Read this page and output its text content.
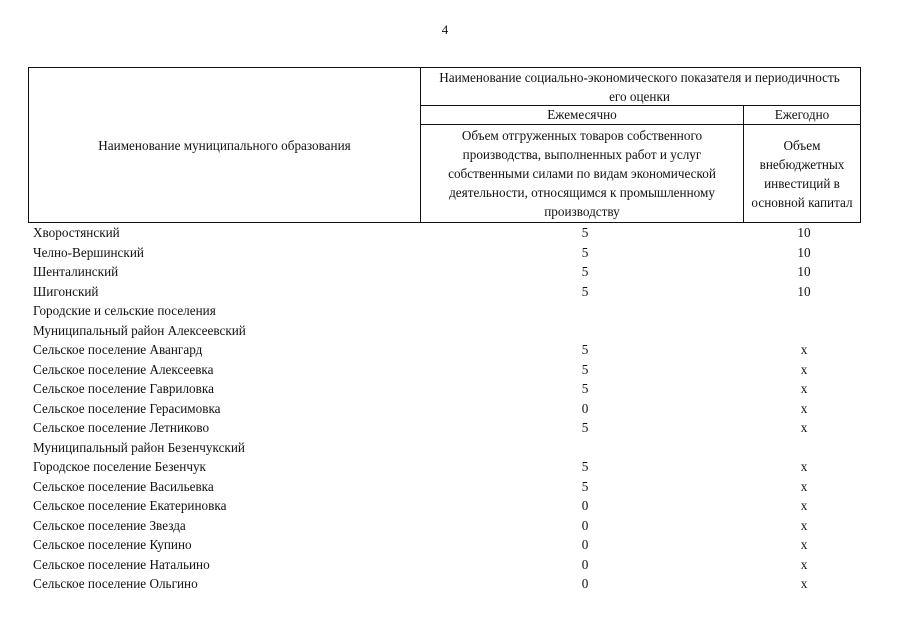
4
Наименование муниципального образования
Наименование социально-экономического показателя и периодичность его оценки
Ежемесячно	Ежегодно
Объем отгруженных товаров собственного производства, выполненных работ и услуг собственными силами по видам экономической деятельности, относящимся к промышленному производству
Объем внебюджетных инвестиций в основной капитал
Хворостянский	5	10
Челно-Вершинский	5	10
Шенталинский	5	10
Шигонский	5	10
Городские и сельские поселения
Муниципальный район Алексеевский
Сельское поселение Авангард	5	х
Сельское поселение Алексеевка	5	х
Сельское поселение Гавриловка	5	х
Сельское поселение Герасимовка	0	х
Сельское поселение Летниково	5	х
Муниципальный район Безенчукский
Городское поселение Безенчук	5	х
Сельское поселение Васильевка	5	х
Сельское поселение Екатериновка	0	х
Сельское поселение Звезда	0	х
Сельское поселение Купино	0	х
Сельское поселение Натальино	0	х
Сельское поселение Ольгино	0	х
